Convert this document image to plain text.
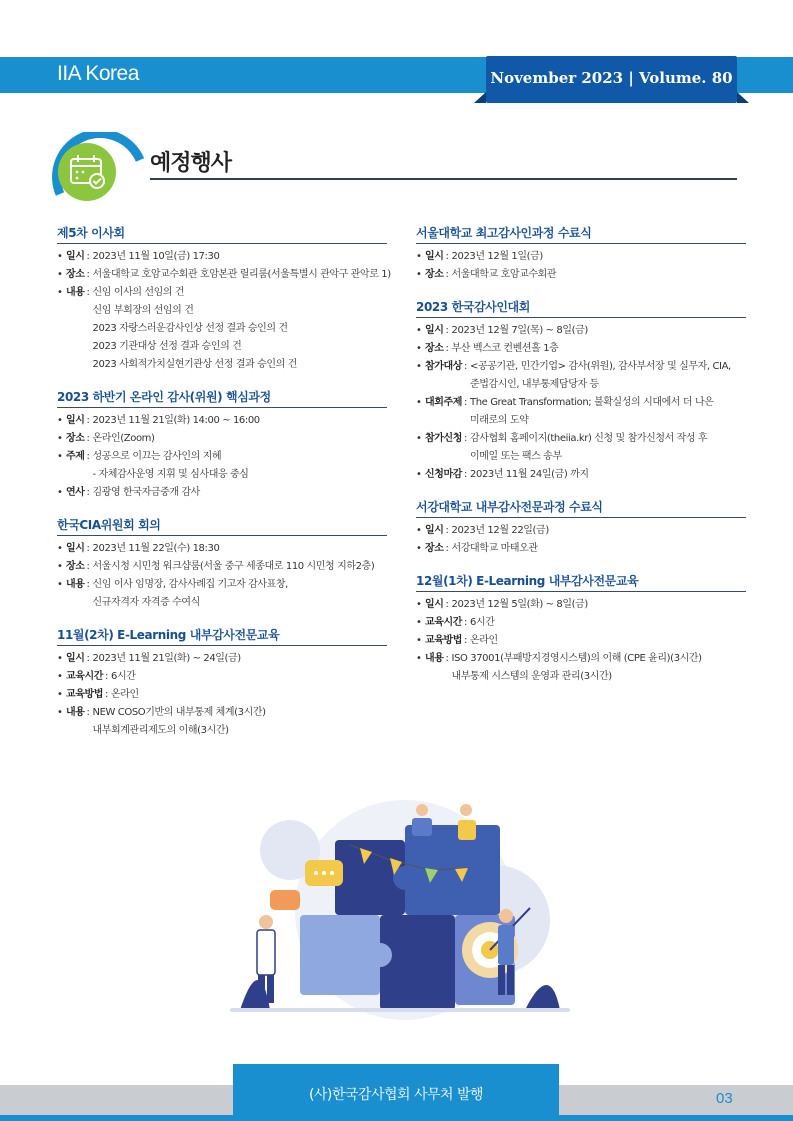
IIA Korea	November 2023 | Volume. 80
예정행사
제5차 이사회
• 일시 : 2023년 11월 10일(금) 17:30
• 장소 : 서울대학교 호암교수회관 호암본관 릴리룸(서울특별시 관악구 관악로 1)
• 내용 : 신임 이사의 선임의 건
신임 부회장의 선임의 건
2023 자랑스러운감사인상 선정 결과 승인의 건
2023 기관대상 선정 결과 승인의 건
2023 사회적가치실현기관상 선정 결과 승인의 건
2023 하반기 온라인 감사(위원) 핵심과정
• 일시 : 2023년 11월 21일(화) 14:00 ~ 16:00
• 장소 : 온라인(Zoom)
• 주제 : 성공으로 이끄는 감사인의 지혜
- 자체감사운영 지휘 및 심사대응 중심
• 연사 : 김광영 한국자금중개 감사
한국CIA위원회 회의
• 일시 : 2023년 11월 22일(수) 18:30
• 장소 : 서울시청 시민청 워크샵룸(서울 중구 세종대로 110 시민청 지하2층)
• 내용 : 신임 이사 임명장, 감사사례집 기고자 감사표창,
신규자격자 자격증 수여식
11월(2차) E-Learning 내부감사전문교육
• 일시 : 2023년 11월 21일(화) ~ 24일(금)
• 교육시간 : 6시간
• 교육방법 : 온라인
• 내용 : NEW COSO기반의 내부통제 체계(3시간)
내부회계관리제도의 이해(3시간)
서울대학교 최고감사인과정 수료식
• 일시 : 2023년 12월 1일(금)
• 장소 : 서울대학교 호암교수회관
2023 한국감사인대회
• 일시 : 2023년 12월 7일(목) ~ 8일(금)
• 장소 : 부산 벡스코 컨벤션홀 1층
• 참가대상 : <공공기관, 민간기업> 감사(위원), 감사부서장 및 실무자, CIA,
준법감시인, 내부통제담당자 등
• 대회주제 : The Great Transformation; 불확실성의 시대에서 더 나은
미래로의 도약
• 참가신청 : 감사협회 홈페이지(theiia.kr) 신청 및 참가신청서 작성 후
이메일 또는 팩스 송부
• 신청마감 : 2023년 11월 24일(금) 까지
서강대학교 내부감사전문과정 수료식
• 일시 : 2023년 12월 22일(금)
• 장소 : 서강대학교 마태오관
12월(1차) E-Learning 내부감사전문교육
• 일시 : 2023년 12월 5일(화) ~ 8일(금)
• 교육시간 : 6시간
• 교육방법 : 온라인
• 내용 : ISO 37001(부패방지경영시스템)의 이해 (CPE 윤리)(3시간)
내부통제 시스템의 운영과 관리(3시간)
(사)한국감사협회 사무처 발행	03
